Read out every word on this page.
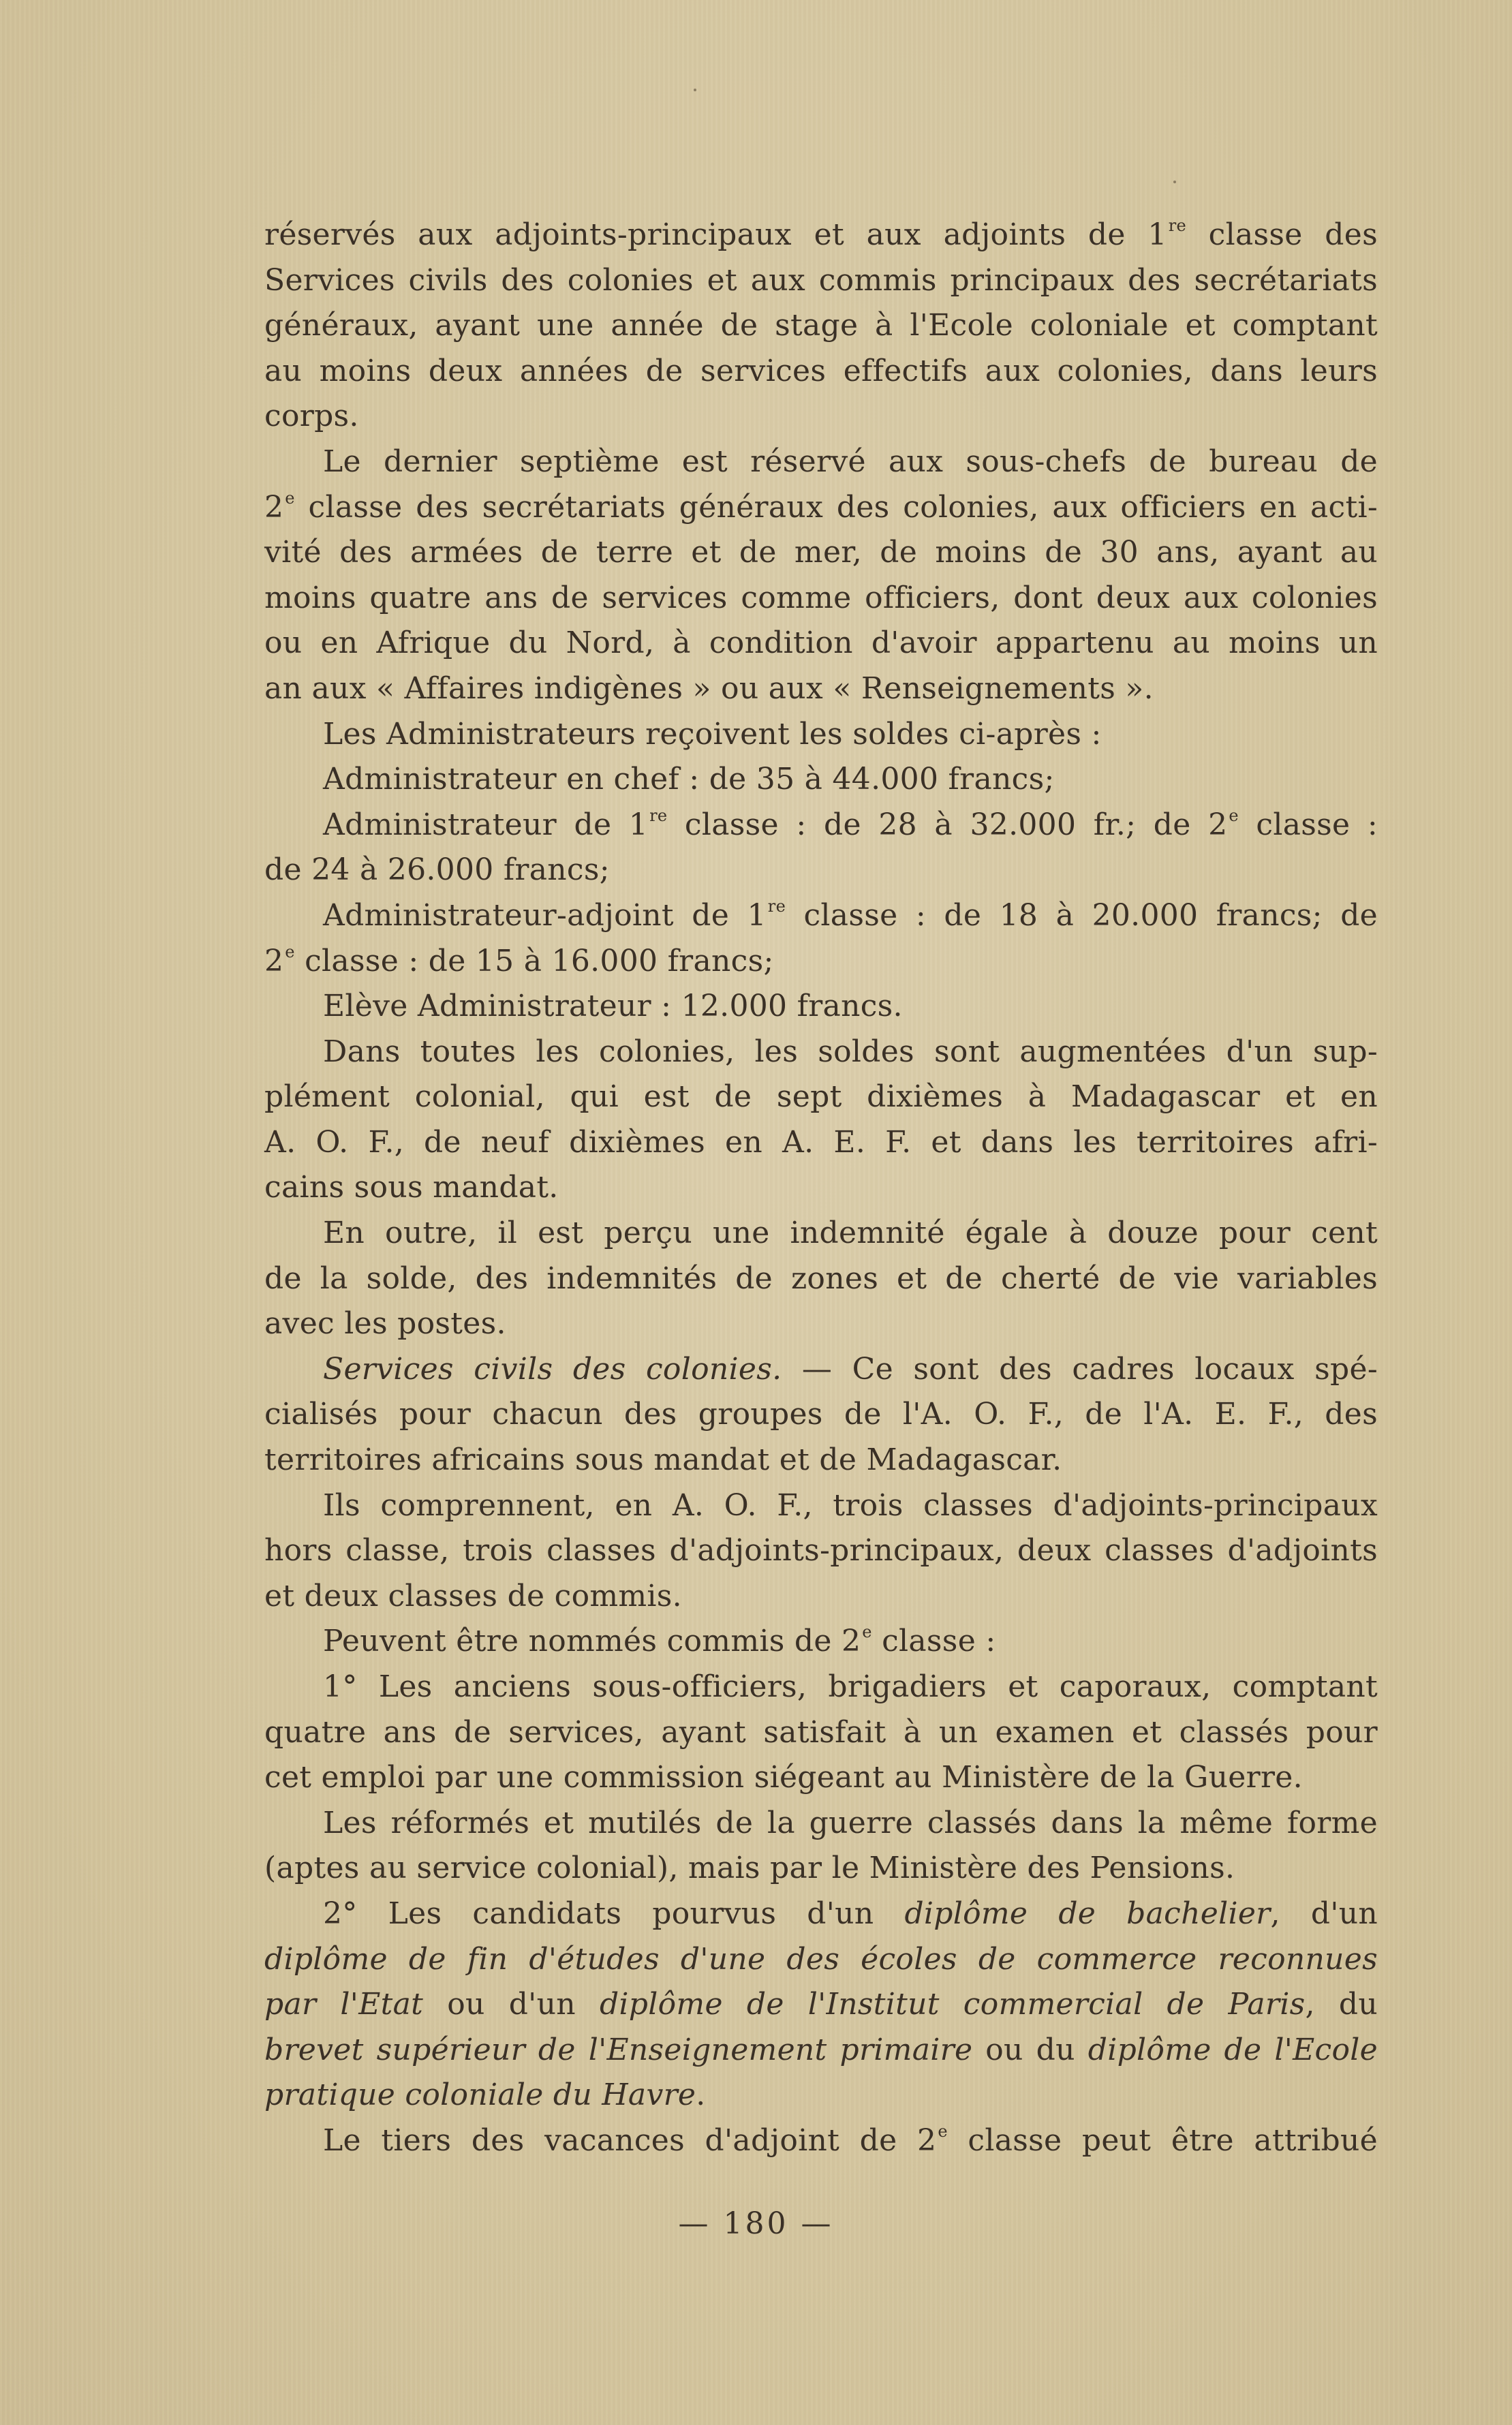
réservés aux adjoints-principaux et aux adjoints de 1re classe des
Services civils des colonies et aux commis principaux des secrétariats
généraux, ayant une année de stage à l'Ecole coloniale et comptant
au moins deux années de services effectifs aux colonies, dans leurs
corps.
Le dernier septième est réservé aux sous-chefs de bureau de
2e classe des secrétariats généraux des colonies, aux officiers en acti-
vité des armées de terre et de mer, de moins de 30 ans, ayant au
moins quatre ans de services comme officiers, dont deux aux colonies
ou en Afrique du Nord, à condition d'avoir appartenu au moins un
an aux « Affaires indigènes » ou aux « Renseignements ».
Les Administrateurs reçoivent les soldes ci-après :
Administrateur en chef : de 35 à 44.000 francs;
Administrateur de 1re classe : de 28 à 32.000 fr.; de 2e classe :
de 24 à 26.000 francs;
Administrateur-adjoint de 1re classe : de 18 à 20.000 francs; de
2e classe : de 15 à 16.000 francs;
Elève Administrateur : 12.000 francs.
Dans toutes les colonies, les soldes sont augmentées d'un sup-
plément colonial, qui est de sept dixièmes à Madagascar et en
A. O. F., de neuf dixièmes en A. E. F. et dans les territoires afri-
cains sous mandat.
En outre, il est perçu une indemnité égale à douze pour cent
de la solde, des indemnités de zones et de cherté de vie variables
avec les postes.
Services civils des colonies. — Ce sont des cadres locaux spé-
cialisés pour chacun des groupes de l'A. O. F., de l'A. E. F., des
territoires africains sous mandat et de Madagascar.
Ils comprennent, en A. O. F., trois classes d'adjoints-principaux
hors classe, trois classes d'adjoints-principaux, deux classes d'adjoints
et deux classes de commis.
Peuvent être nommés commis de 2e classe :
1° Les anciens sous-officiers, brigadiers et caporaux, comptant
quatre ans de services, ayant satisfait à un examen et classés pour
cet emploi par une commission siégeant au Ministère de la Guerre.
Les réformés et mutilés de la guerre classés dans la même forme
(aptes au service colonial), mais par le Ministère des Pensions.
2° Les candidats pourvus d'un diplôme de bachelier, d'un
diplôme de fin d'études d'une des écoles de commerce reconnues
par l'Etat ou d'un diplôme de l'Institut commercial de Paris, du
brevet supérieur de l'Enseignement primaire ou du diplôme de l'Ecole
pratique coloniale du Havre.
Le tiers des vacances d'adjoint de 2e classe peut être attribué
— 180 —
